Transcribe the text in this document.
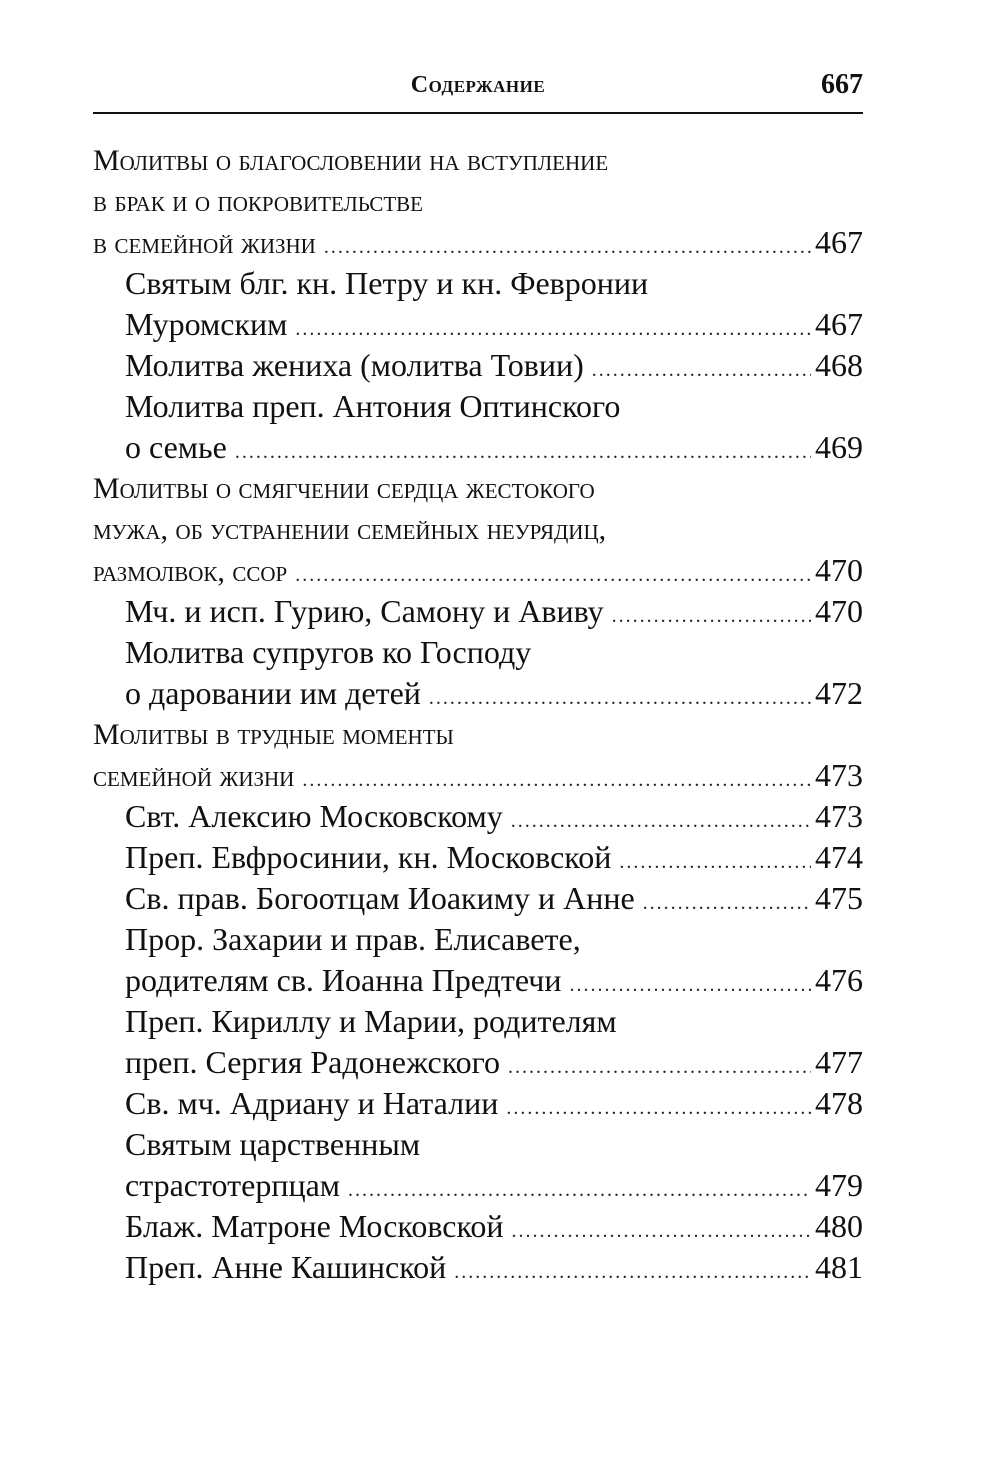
Содержание	667
Молитвы о благословении на вступление
в брак и о покровительстве
в семейной жизни .....	467
Святым блг. кн. Петру и кн. Февронии
Муромским .....	467
Молитва жениха (молитва Товии) .....	468
Молитва преп. Антония Оптинского
о семье .....	469
Молитвы о смягчении сердца жестокого
мужа, об устранении семейных неурядиц,
размолвок, ссор .....	470
Мч. и исп. Гурию, Самону и Авиву .....	470
Молитва супругов ко Господу
о даровании им детей .....	472
Молитвы в трудные моменты
семейной жизни .....	473
Свт. Алексию Московскому .....	473
Преп. Евфросинии, кн. Московской .....	474
Св. прав. Богоотцам Иоакиму и Анне .....	475
Прор. Захарии и прав. Елисавете,
родителям св. Иоанна Предтечи .....	476
Преп. Кириллу и Марии, родителям
преп. Сергия Радонежского .....	477
Св. мч. Адриану и Наталии .....	478
Святым царственным
страстотерпцам .....	479
Блаж. Матроне Московской .....	480
Преп. Анне Кашинской .....	481
